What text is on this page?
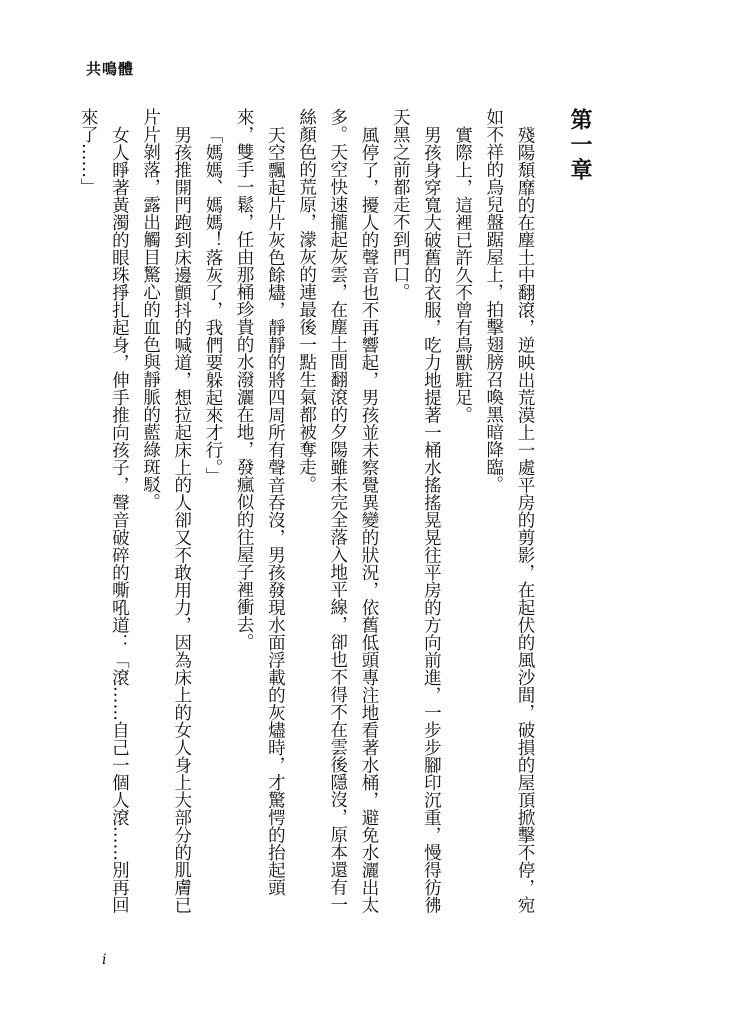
共鳴體
第一章

殘陽頹靡的在塵土中翻滾，逆映出荒漠上一處平房的剪影，在起伏的風沙間，破損的屋頂掀擊不停，宛如不祥的烏兒盤踞屋上，拍擊翅膀召喚黑暗降臨。

實際上，這裡已許久不曾有鳥獸駐足。

男孩身穿寬大破舊的衣服，吃力地提著一桶水搖搖晃晃往平房的方向前進，一步步腳印沉重，慢得彷彿天黑之前都走不到門口。

風停了，擾人的聲音也不再響起，男孩並未察覺異變的狀況，依舊低頭專注地看著水桶，避免水灑出太多。天空快速攏起灰雲，在塵土間翻滾的夕陽雖未完全落入地平線，卻也不得不在雲後隱沒，原本還有一絲顏色的荒原，濛灰的連最後一點生氣都被奪走。

天空飄起片片灰色餘燼，靜靜的將四周所有聲音吞沒，男孩發現水面浮載的灰燼時，才驚愕的抬起頭來，雙手一鬆，任由那桶珍貴的水潑灑在地，發瘋似的往屋子裡衝去。

「媽媽、媽媽！落灰了，我們要躲起來才行。」

男孩推開門跑到床邊顫抖的喊道，想拉起床上的人卻又不敢用力，因為床上的女人身上大部分的肌膚已片片剝落，露出觸目驚心的血色與靜脈的藍綠斑駁。

女人睜著黃濁的眼珠掙扎起身，伸手推向孩子，聲音破碎的嘶吼道：「滾……自己一個人滾……別再回來了……」

i
